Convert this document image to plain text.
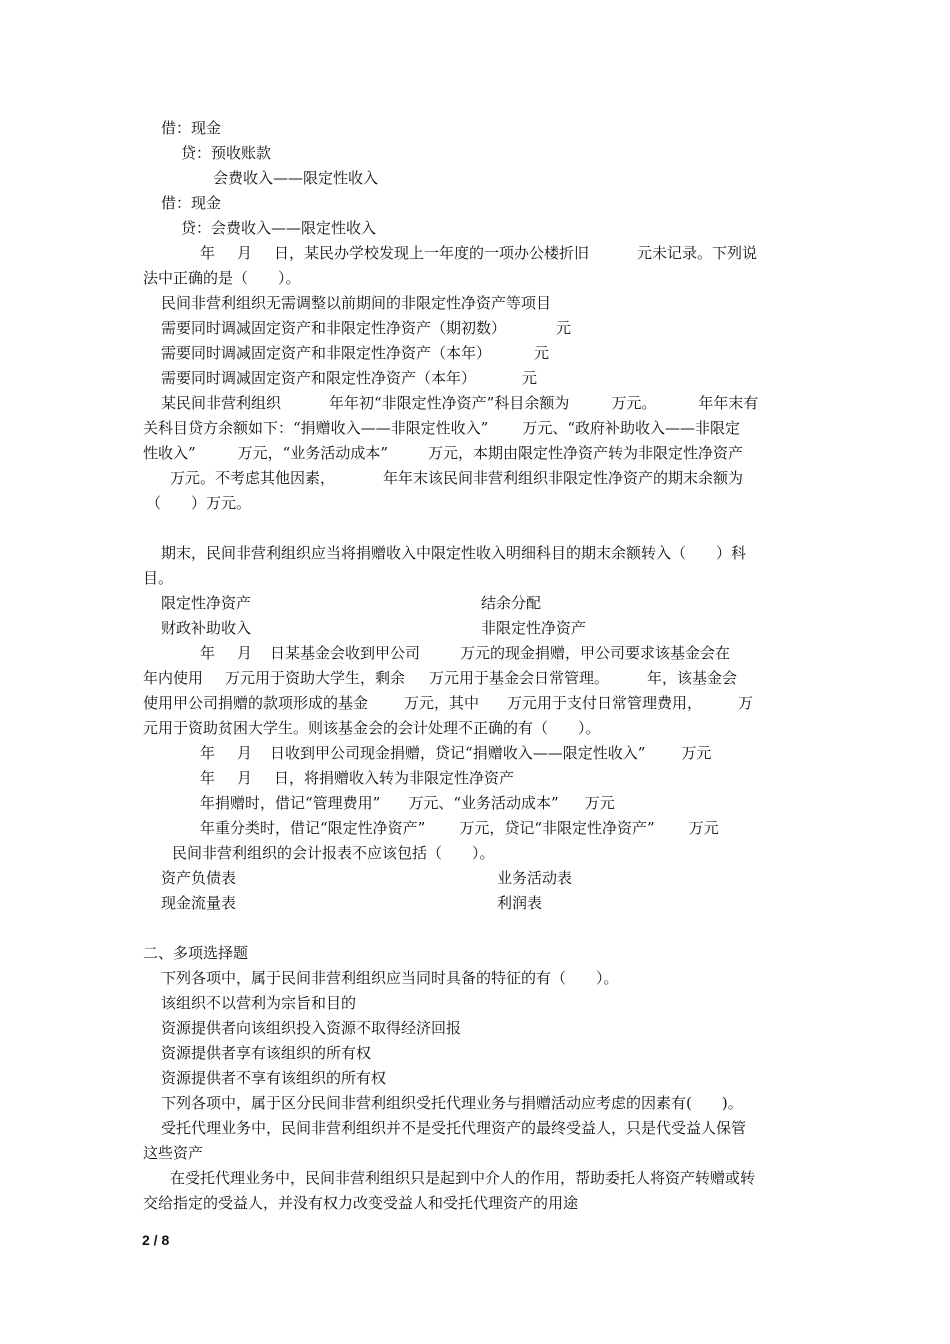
借：现金
贷：预收账款
会费收入——限定性收入
借：现金
贷：会费收入——限定性收入
年 月 日，某民办学校发现上一年度的一项办公楼折旧	元未记录。下列说
法中正确的是（　　）。
民间非营利组织无需调整以前期间的非限定性净资产等项目
需要同时调减固定资产和非限定性净资产（期初数）	元
需要同时调减固定资产和非限定性净资产（本年）	元
需要同时调减固定资产和限定性净资产（本年）	元
某民间非营利组织	年年初“非限定性净资产”科目余额为	万元。	年年末有
关科目贷方余额如下：“捐赠收入——非限定性收入” 万元、“政府补助收入——非限定
性收入”	万元，“业务活动成本”	万元，本期由限定性净资产转为非限定性净资产
万元。不考虑其他因素，	年年末该民间非营利组织非限定性净资产的期末余额为
（　　）万元。
期末，民间非营利组织应当将捐赠收入中限定性收入明细科目的期末余额转入（　　）科
目。
限定性净资产	结余分配
财政补助收入	非限定性净资产
年 月 日某基金会收到甲公司	万元的现金捐赠，甲公司要求该基金会在
年内使用 万元用于资助大学生，剩余 万元用于基金会日常管理。	年，该基金会
使用甲公司捐赠的款项形成的基金 万元，其中 万元用于支付日常管理费用， 万
元用于资助贫困大学生。则该基金会的会计处理不正确的有（　　）。
年 月 日收到甲公司现金捐赠，贷记“捐赠收入——限定性收入” 万元
年 月 日，将捐赠收入转为非限定性净资产
年捐赠时，借记“管理费用” 万元、“业务活动成本” 万元
年重分类时，借记“限定性净资产” 万元，贷记“非限定性净资产” 万元
民间非营利组织的会计报表不应该包括（　　）。
资产负债表	业务活动表
现金流量表	利润表
二、多项选择题
下列各项中，属于民间非营利组织应当同时具备的特征的有（　　）。
该组织不以营利为宗旨和目的
资源提供者向该组织投入资源不取得经济回报
资源提供者享有该组织的所有权
资源提供者不享有该组织的所有权
下列各项中，属于区分民间非营利组织受托代理业务与捐赠活动应考虑的因素有(　　)。
受托代理业务中，民间非营利组织并不是受托代理资产的最终受益人，只是代受益人保管
这些资产
在受托代理业务中，民间非营利组织只是起到中介人的作用，帮助委托人将资产转赠或转
交给指定的受益人，并没有权力改变受益人和受托代理资产的用途
2 / 8
